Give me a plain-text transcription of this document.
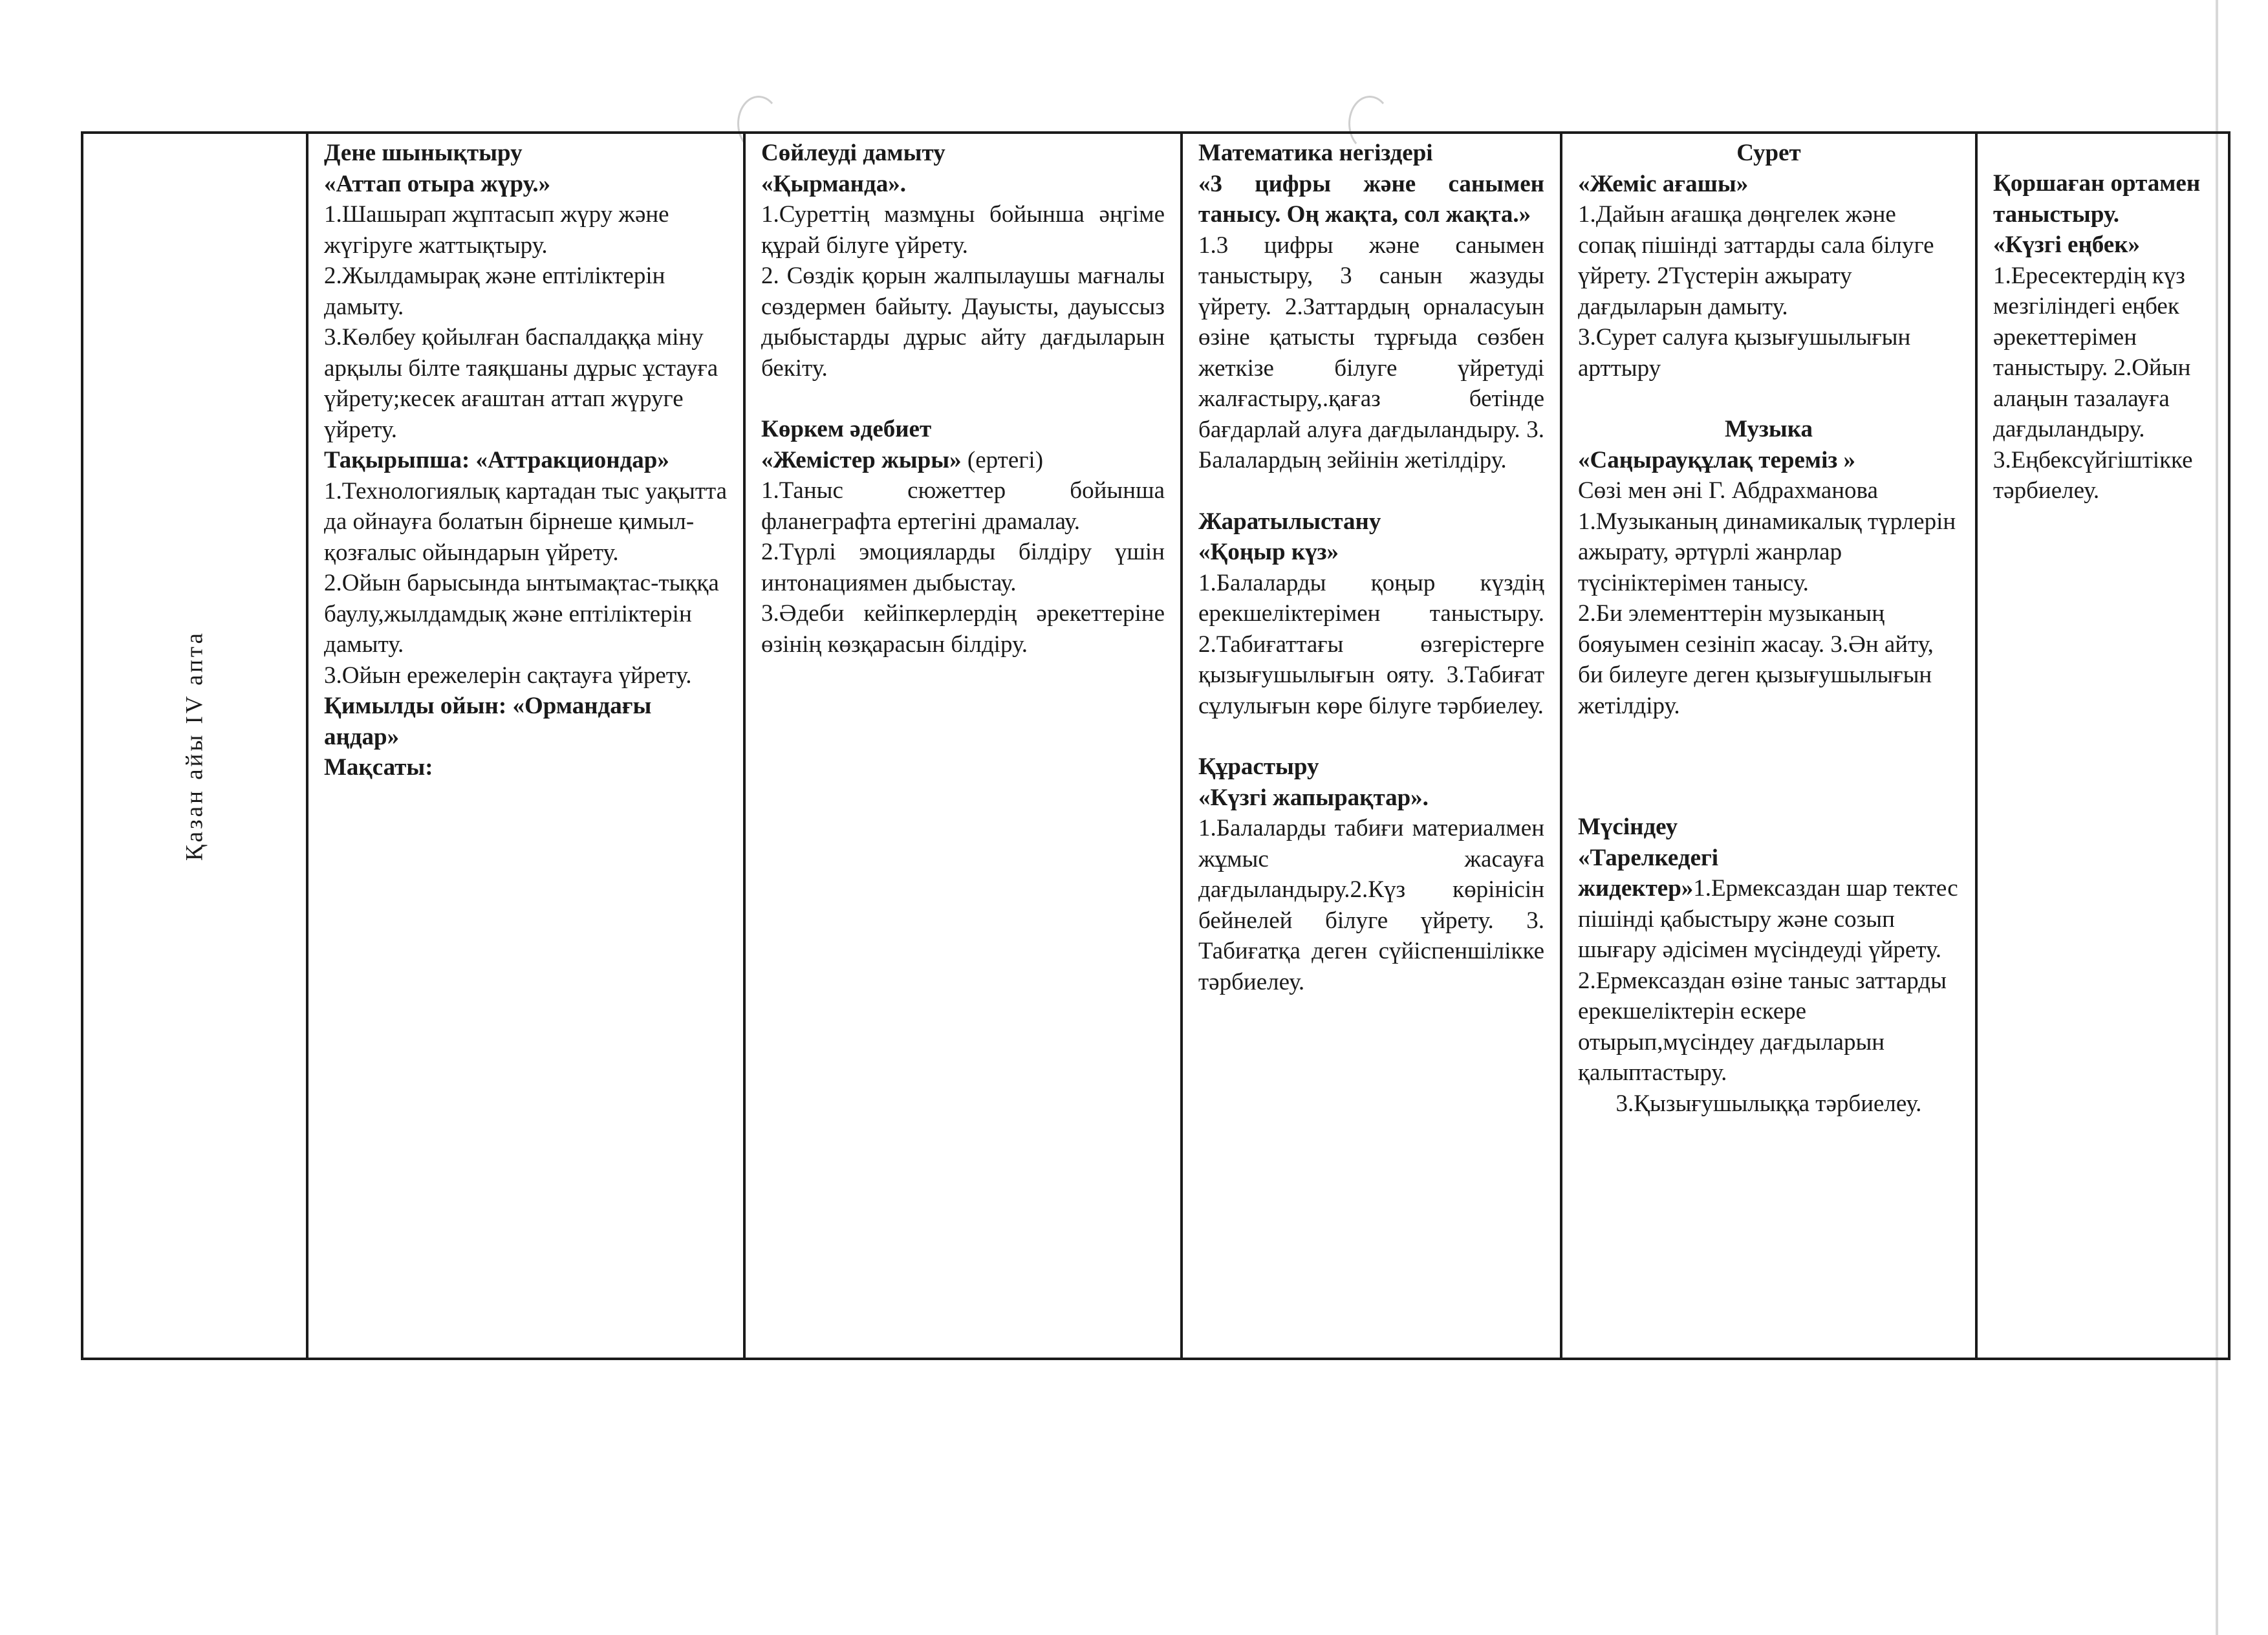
Қазан айы IV апта

Дене шынықтыру
«Аттап отыра жүру.»
1.Шашырап жұптасып жүру және жүгіруге жаттықтыру.
2.Жылдамырақ және ептіліктерін дамыту.
3.Көлбеу қойылған баспалдаққа міну арқылы білте таяқшаны дұрыс ұстауға үйрету;кесек ағаштан аттап жүруге үйрету.
Тақырыпша: «Аттракциондар»
1.Технологиялық картадан тыс уақытта да ойнауға болатын бірнеше қимыл-қозғалыс ойындарын үйрету.
2.Ойын барысында ынтымақтас-тыққа баулу,жылдамдық және ептіліктерін дамыту.
3.Ойын ережелерін сақтауға үйрету.
Қимылды ойын: «Ормандағы аңдар»
Мақсаты:

Сөйлеуді дамыту
«Қырманда».
1.Суреттің мазмұны бойынша әңгіме құрай білуге үйрету.
2. Сөздік қорын жалпылаушы мағналы сөздермен байыту. Дауысты, дауыссыз дыбыстарды дұрыс айту дағдыларын бекіту.
Көркем әдебиет
«Жемістер жыры» (ертегі)
1.Таныс сюжеттер бойынша фланеграфта ертегіні драмалау.
2.Түрлі эмоцияларды білдіру үшін интонациямен дыбыстау.
3.Әдеби кейіпкерлердің әрекеттеріне өзінің көзқарасын білдіру.

Математика негіздері
«3 цифры және санымен танысу. Оң жақта, сол жақта.»
1.3 цифры және санымен таныстыру, 3 санын жазуды үйрету. 2.Заттардың орналасуын өзіне қатысты тұрғыда сөзбен жеткізе білуге үйретуді жалғастыру,.қағаз бетінде бағдарлай алуға дағдыландыру. 3. Балалардың зейінін жетілдіру.
Жаратылыстану
«Қоңыр күз»
1.Балаларды қоңыр күздің ерекшеліктерімен таныстыру. 2.Табиғаттағы өзгерістерге қызығушылығын ояту. 3.Табиғат сұлулығын көре білуге тәрбиелеу.
Құрастыру
«Күзгі жапырақтар».
1.Балаларды табиғи материалмен жұмыс жасауға дағдыландыру.2.Күз көрінісін бейнелей білуге үйрету. 3. Табиғатқа деген сүйіспеншілікке тәрбиелеу.

Сурет
«Жеміс ағашы»
1.Дайын ағашқа дөңгелек және сопақ пішінді заттарды сала білуге үйрету. 2Түстерін ажырату дағдыларын дамыту.
3.Сурет салуға қызығушылығын арттыру
Музыка
«Саңырауқұлақ тереміз »
Сөзі мен әні Г. Абдрахманова
1.Музыканың динамикалық түрлерін ажырату, әртүрлі жанрлар түсініктерімен танысу.
2.Би элементтерін музыканың бояуымен сезініп жасау. 3.Ән айту, би билеуге деген қызығушылығын жетілдіру.
Мүсіндеу
«Тарелкедегі жидектер»1.Ермексаздан шар тектес пішінді қабыстыру және созып шығару әдісімен мүсіндеуді үйрету.
2.Ермексаздан өзіне таныс заттарды ерекшеліктерін ескере отырып,мүсіндеу дағдыларын қалыптастыру.
3.Қызығушылыққа тәрбиелеу.

Қоршаған ортамен таныстыру.
«Күзгі еңбек»
1.Ересектердің күз мезгіліндегі еңбек әрекеттерімен таныстыру. 2.Ойын алаңын тазалауға дағдыландыру.
3.Еңбексүйгіштікке тәрбиелеу.
